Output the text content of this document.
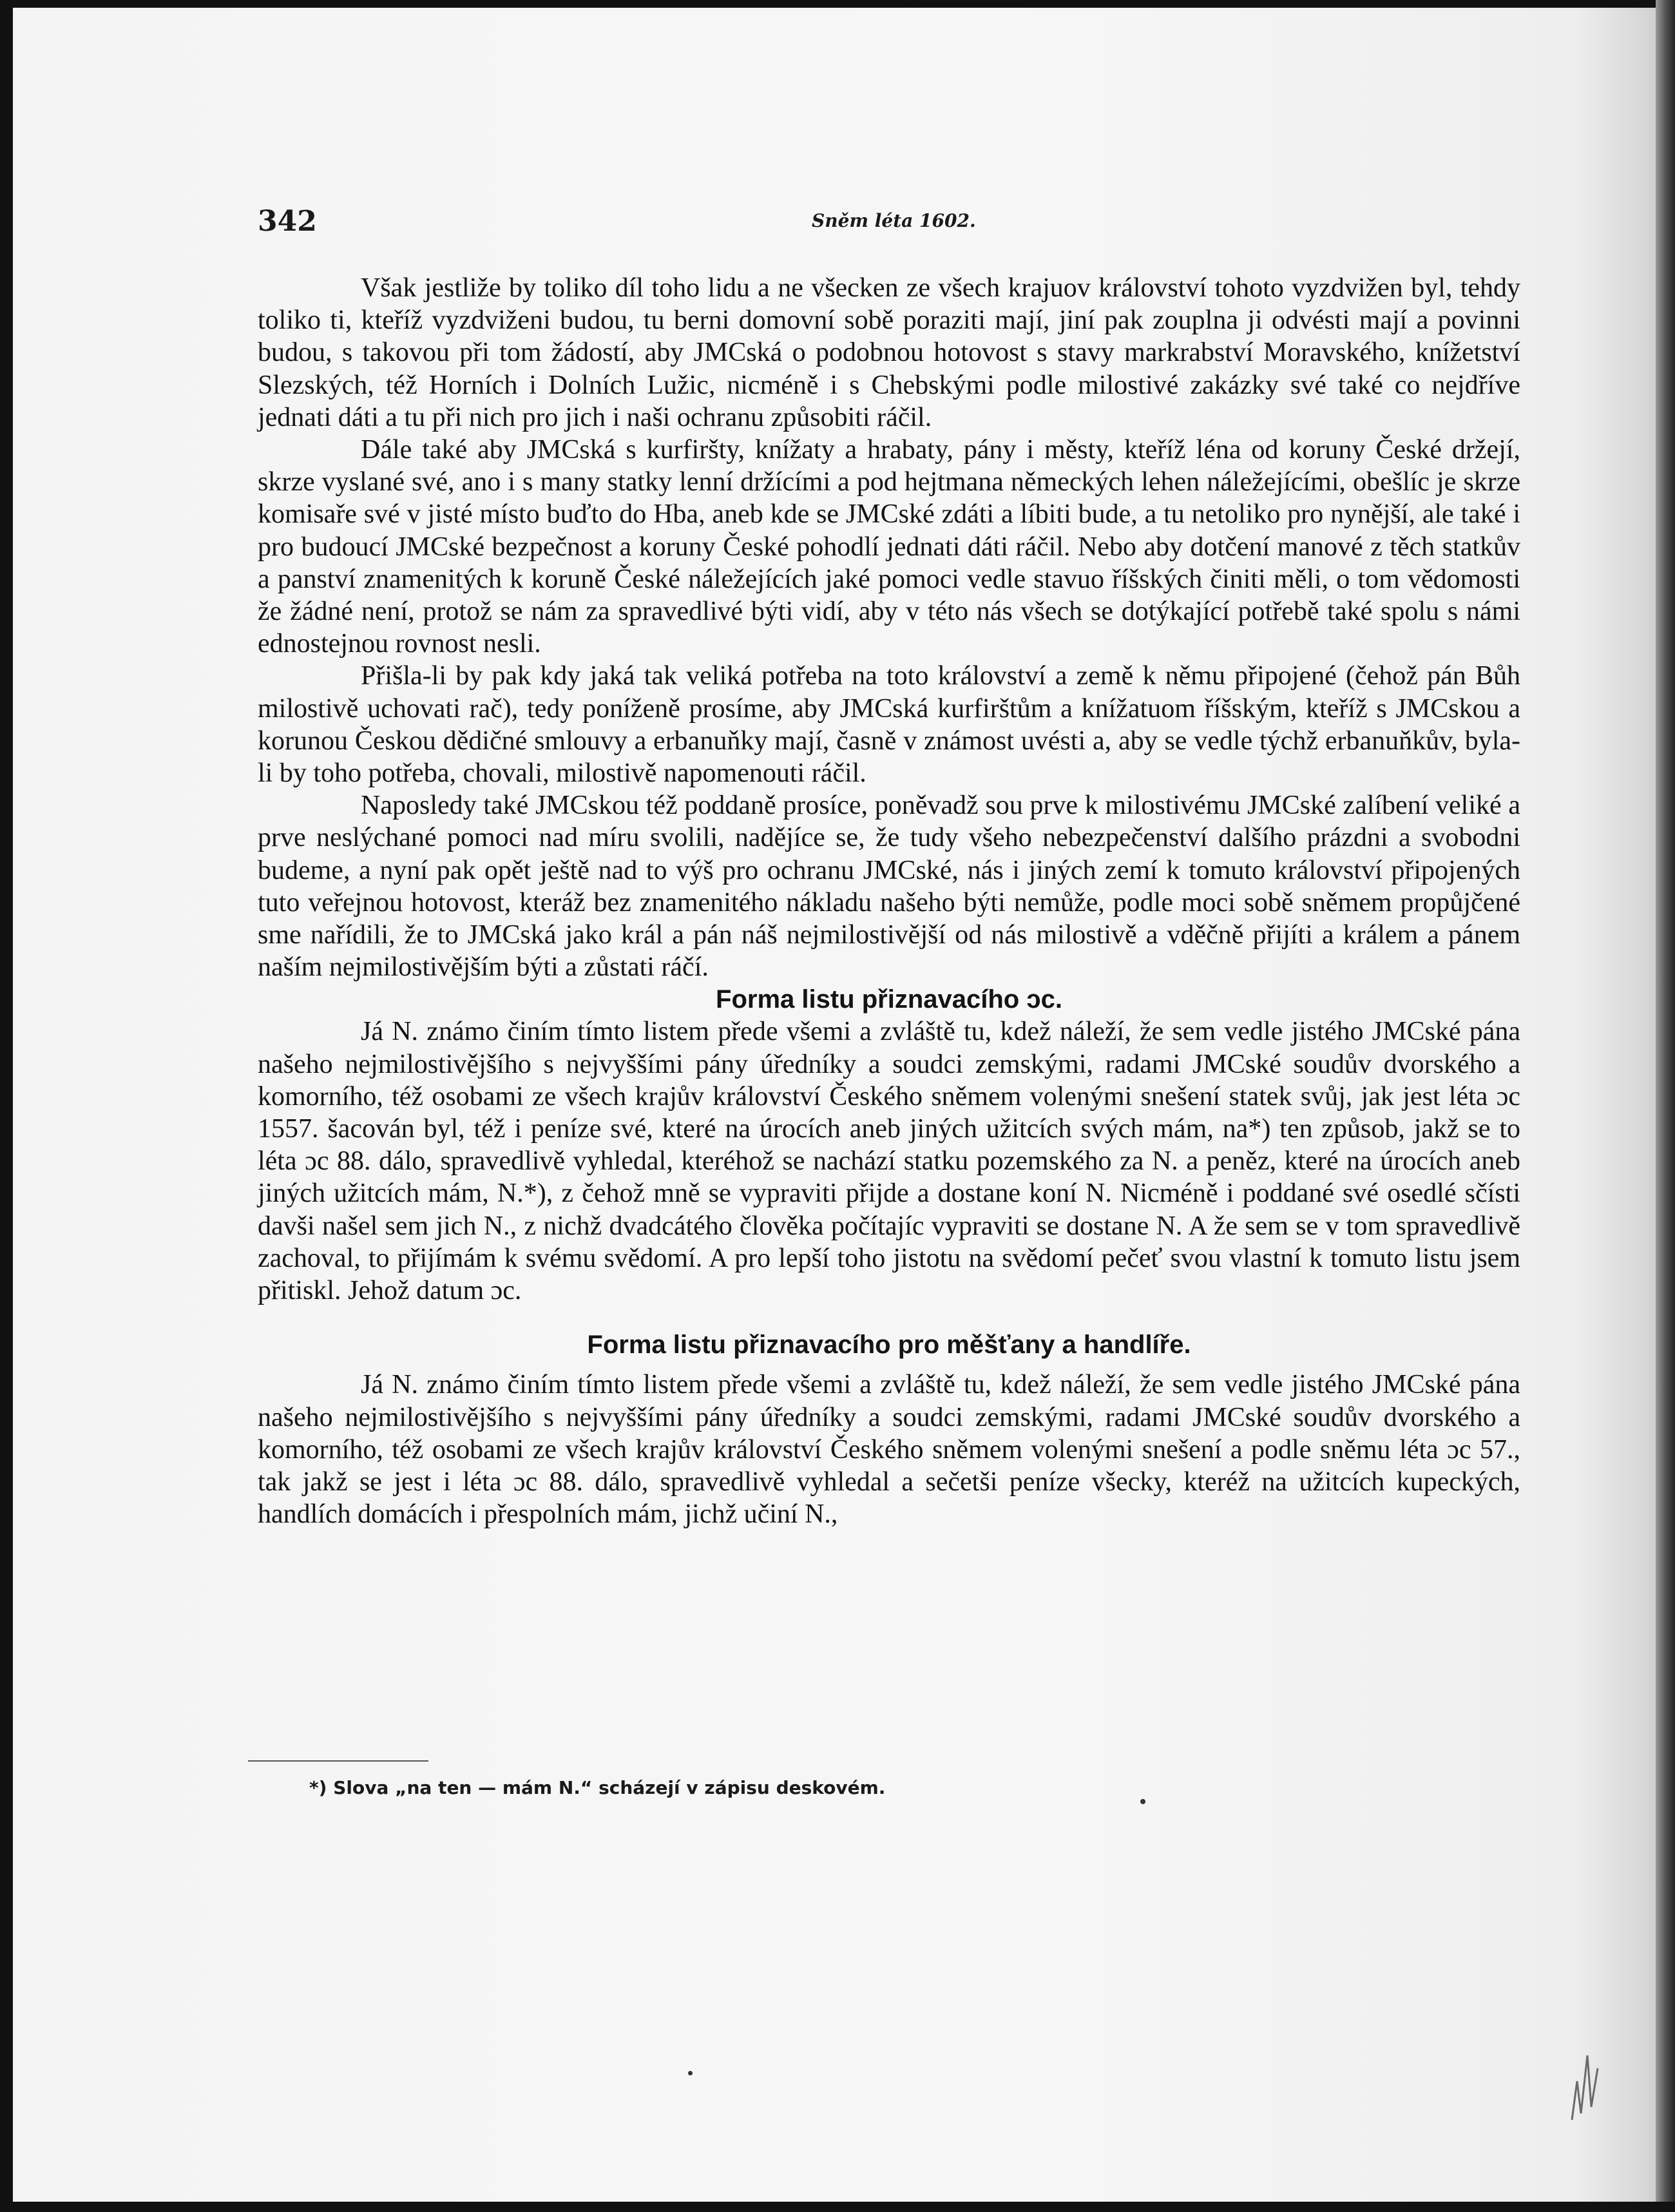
342	Sněm léta 1602.

Však jestliže by toliko díl toho lidu a ne všecken ze všech krajuov království tohoto vyzdvižen byl, tehdy toliko ti, kteříž vyzdviženi budou, tu berni domovní sobě poraziti mají, jiní pak zouplna ji odvésti mají a povinni budou, s takovou při tom žádostí, aby JMCská o podobnou hotovost s stavy markrabství Moravského, knížetství Slezských, též Horních i Dolních Lužic, nicméně i s Chebskými podle milostivé zakázky své také co nejdříve jednati dáti a tu při nich pro jich i naši ochranu způsobiti ráčil.

Dále také aby JMCská s kurfiršty, knížaty a hrabaty, pány i městy, kteříž léna od koruny České držejí, skrze vyslané své, ano i s many statky lenní držícími a pod hejtmana německých lehen náležejícími, obešlíc je skrze komisaře své v jisté místo buďto do Hba, aneb kde se JMCské zdáti a líbiti bude, a tu netoliko pro nynější, ale také i pro budoucí JMCské bezpečnost a koruny České pohodlí jednati dáti ráčil. Nebo aby dotčení manové z těch statkův a panství znamenitých k koruně České náležejících jaké pomoci vedle stavuo říšských činiti měli, o tom vědomosti že žádné není, protož se nám za spravedlivé býti vidí, aby v této nás všech se dotýkající potřebě také spolu s námi ednostejnou rovnost nesli.

Přišla-li by pak kdy jaká tak veliká potřeba na toto království a země k němu připojené (čehož pán Bůh milostivě uchovati rač), tedy poníženě prosíme, aby JMCská kurfirštům a knížatuom říšským, kteříž s JMCskou a korunou Českou dědičné smlouvy a erbanuňky mají, časně v známost uvésti a, aby se vedle týchž erbanuňkův, byla-li by toho potřeba, chovali, milostivě napomenouti ráčil.

Naposledy také JMCskou též poddaně prosíce, poněvadž sou prve k milostivému JMCské zalíbení veliké a prve neslýchané pomoci nad míru svolili, nadějíce se, že tudy všeho nebezpečenství dalšího prázdni a svobodni budeme, a nyní pak opět ještě nad to výš pro ochranu JMCské, nás i jiných zemí k tomuto království připojených tuto veřejnou hotovost, kteráž bez znamenitého nákladu našeho býti nemůže, podle moci sobě sněmem propůjčené sme nařídili, že to JMCská jako král a pán náš nejmilostivější od nás milostivě a vděčně přijíti a králem a pánem naším nejmilostivějším býti a zůstati ráčí.

Forma listu přiznavacího ɔc.

Já N. známo činím tímto listem přede všemi a zvláště tu, kdež náleží, že sem vedle jistého JMCské pána našeho nejmilostivějšího s nejvyššími pány úředníky a soudci zemskými, radami JMCské soudův dvorského a komorního, též osobami ze všech krajův království Českého sněmem volenými snešení statek svůj, jak jest léta ɔc 1557. šacován byl, též i peníze své, které na úrocích aneb jiných užitcích svých mám, na*) ten způsob, jakž se to léta ɔc 88. dálo, spravedlivě vyhledal, kteréhož se nachází statku pozemského za N. a peněz, které na úrocích aneb jiných užitcích mám, N.*), z čehož mně se vypraviti přijde a dostane koní N. Nicméně i poddané své osedlé sčísti davši našel sem jich N., z nichž dvadcátého člověka počítajíc vypraviti se dostane N. A že sem se v tom spravedlivě zachoval, to přijímám k svému svědomí. A pro lepší toho jistotu na svědomí pečeť svou vlastní k tomuto listu jsem přitiskl. Jehož datum ɔc.

Forma listu přiznavacího pro měšťany a handlíře.

Já N. známo činím tímto listem přede všemi a zvláště tu, kdež náleží, že sem vedle jistého JMCské pána našeho nejmilostivějšího s nejvyššími pány úředníky a soudci zemskými, radami JMCské soudův dvorského a komorního, též osobami ze všech krajův království Českého sněmem volenými snešení a podle sněmu léta ɔc 57., tak jakž se jest i léta ɔc 88. dálo, spravedlivě vyhledal a sečetši peníze všecky, kteréž na užitcích kupeckých, handlích domácích i přespolních mám, jichž učiní N.,

*) Slova „na ten — mám N.“ scházejí v zápisu deskovém.
